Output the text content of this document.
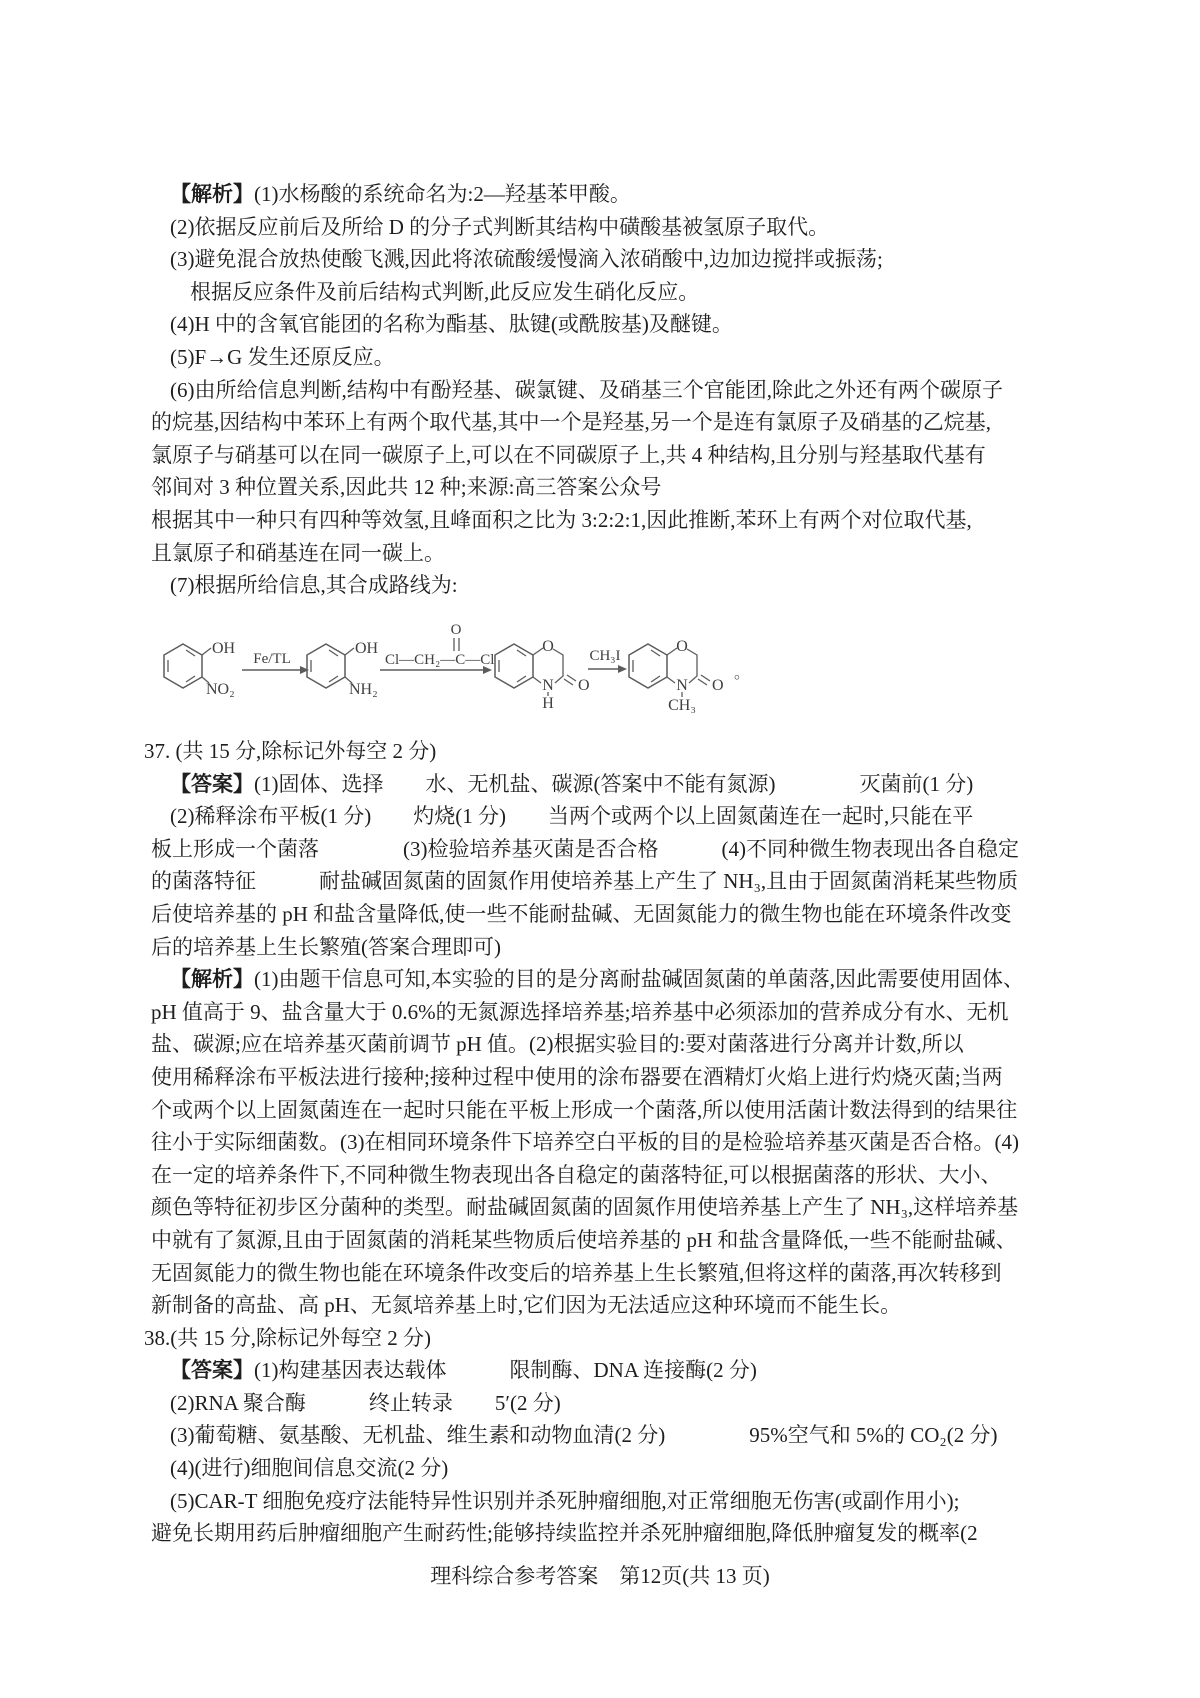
【解析】(1)水杨酸的系统命名为:2—羟基苯甲酸。
(2)依据反应前后及所给 D 的分子式判断其结构中磺酸基被氢原子取代。
(3)避免混合放热使酸飞溅,因此将浓硫酸缓慢滴入浓硝酸中,边加边搅拌或振荡;
根据反应条件及前后结构式判断,此反应发生硝化反应。
(4)H 中的含氧官能团的名称为酯基、肽键(或酰胺基)及醚键。
(5)F→G 发生还原反应。
(6)由所给信息判断,结构中有酚羟基、碳氯键、及硝基三个官能团,除此之外还有两个碳原子
的烷基,因结构中苯环上有两个取代基,其中一个是羟基,另一个是连有氯原子及硝基的乙烷基,
氯原子与硝基可以在同一碳原子上,可以在不同碳原子上,共 4 种结构,且分别与羟基取代基有
邻间对 3 种位置关系,因此共 12 种;来源:高三答案公众号
根据其中一种只有四种等效氢,且峰面积之比为 3:2:2:1,因此推断,苯环上有两个对位取代基,
且氯原子和硝基连在同一碳上。
(7)根据所给信息,其合成路线为:
OH
NO₂
Fe/TL
OH
NH₂
Cl—CH₂—C—Cl
O
O
N
H
O
CH₃I
O
N
CH₃
O
。
37. (共 15 分,除标记外每空 2 分)
【答案】(1)固体、选择　　水、无机盐、碳源(答案中不能有氮源)　　　　灭菌前(1 分)
(2)稀释涂布平板(1 分)　　灼烧(1 分)　　当两个或两个以上固氮菌连在一起时,只能在平
板上形成一个菌落　　　　(3)检验培养基灭菌是否合格　　　(4)不同种微生物表现出各自稳定
的菌落特征　　　耐盐碱固氮菌的固氮作用使培养基上产生了 NH₃,且由于固氮菌消耗某些物质
后使培养基的 pH 和盐含量降低,使一些不能耐盐碱、无固氮能力的微生物也能在环境条件改变
后的培养基上生长繁殖(答案合理即可)
【解析】(1)由题干信息可知,本实验的目的是分离耐盐碱固氮菌的单菌落,因此需要使用固体、
pH 值高于 9、盐含量大于 0.6%的无氮源选择培养基;培养基中必须添加的营养成分有水、无机
盐、碳源;应在培养基灭菌前调节 pH 值。(2)根据实验目的:要对菌落进行分离并计数,所以
使用稀释涂布平板法进行接种;接种过程中使用的涂布器要在酒精灯火焰上进行灼烧灭菌;当两
个或两个以上固氮菌连在一起时只能在平板上形成一个菌落,所以使用活菌计数法得到的结果往
往小于实际细菌数。(3)在相同环境条件下培养空白平板的目的是检验培养基灭菌是否合格。(4)
在一定的培养条件下,不同种微生物表现出各自稳定的菌落特征,可以根据菌落的形状、大小、
颜色等特征初步区分菌种的类型。耐盐碱固氮菌的固氮作用使培养基上产生了 NH₃,这样培养基
中就有了氮源,且由于固氮菌的消耗某些物质后使培养基的 pH 和盐含量降低,一些不能耐盐碱、
无固氮能力的微生物也能在环境条件改变后的培养基上生长繁殖,但将这样的菌落,再次转移到
新制备的高盐、高 pH、无氮培养基上时,它们因为无法适应这种环境而不能生长。
38.(共 15 分,除标记外每空 2 分)
【答案】(1)构建基因表达载体　　　限制酶、DNA 连接酶(2 分)
(2)RNA 聚合酶　　　终止转录　　5′(2 分)
(3)葡萄糖、氨基酸、无机盐、维生素和动物血清(2 分)　　　　95%空气和 5%的 CO₂(2 分)
(4)(进行)细胞间信息交流(2 分)
(5)CAR-T 细胞免疫疗法能特异性识别并杀死肿瘤细胞,对正常细胞无伤害(或副作用小);
避免长期用药后肿瘤细胞产生耐药性;能够持续监控并杀死肿瘤细胞,降低肿瘤复发的概率(2
理科综合参考答案　第12页(共 13 页)
